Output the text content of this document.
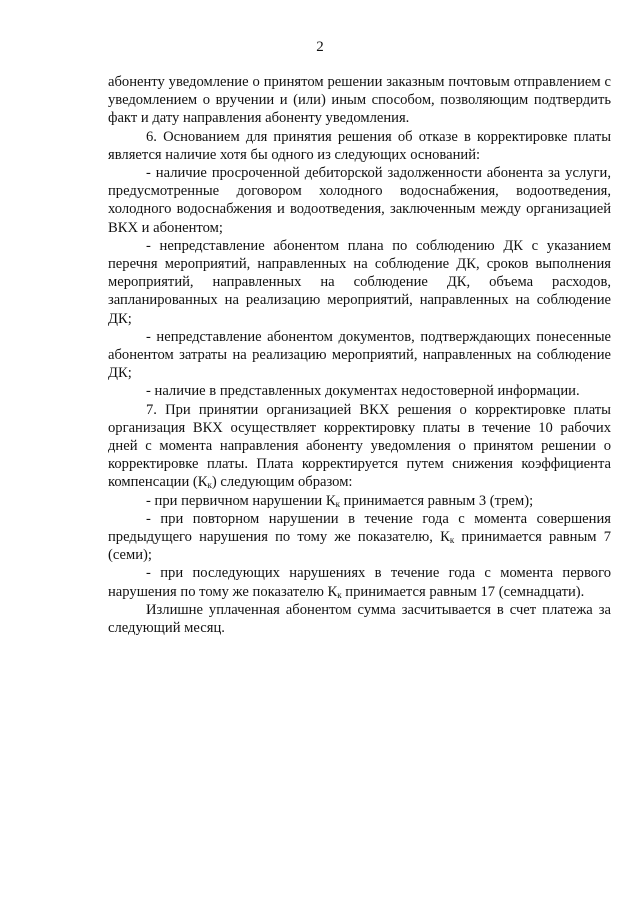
2

абоненту уведомление о принятом решении заказным почтовым отправлением с уведомлением о вручении и (или) иным способом, позволяющим подтвердить факт и дату направления абоненту уведомления.

6. Основанием для принятия решения об отказе в корректировке платы является наличие хотя бы одного из следующих оснований:

- наличие просроченной дебиторской задолженности абонента за услуги, предусмотренные договором холодного водоснабжения, водоотведения, холодного водоснабжения и водоотведения, заключенным между организацией ВКХ и абонентом;

- непредставление абонентом плана по соблюдению ДК с указанием перечня мероприятий, направленных на соблюдение ДК, сроков выполнения мероприятий, направленных на соблюдение ДК, объема расходов, запланированных на реализацию мероприятий, направленных на соблюдение ДК;

- непредставление абонентом документов, подтверждающих понесенные абонентом затраты на реализацию мероприятий, направленных на соблюдение ДК;

- наличие в представленных документах недостоверной информации.

7. При принятии организацией ВКХ решения о корректировке платы организация ВКХ осуществляет корректировку платы в течение 10 рабочих дней с момента направления абоненту уведомления о принятом решении о корректировке платы. Плата корректируется путем снижения коэффициента компенсации $(К_к)$ следующим образом:

- при первичном нарушении $К_к$ принимается равным 3 (трем);

- при повторном нарушении в течение года с момента совершения предыдущего нарушения по тому же показателю, $К_к$ принимается равным 7 (семи);

- при последующих нарушениях в течение года с момента первого нарушения по тому же показателю $К_к$ принимается равным 17 (семнадцати).

Излишне уплаченная абонентом сумма засчитывается в счет платежа за следующий месяц.
